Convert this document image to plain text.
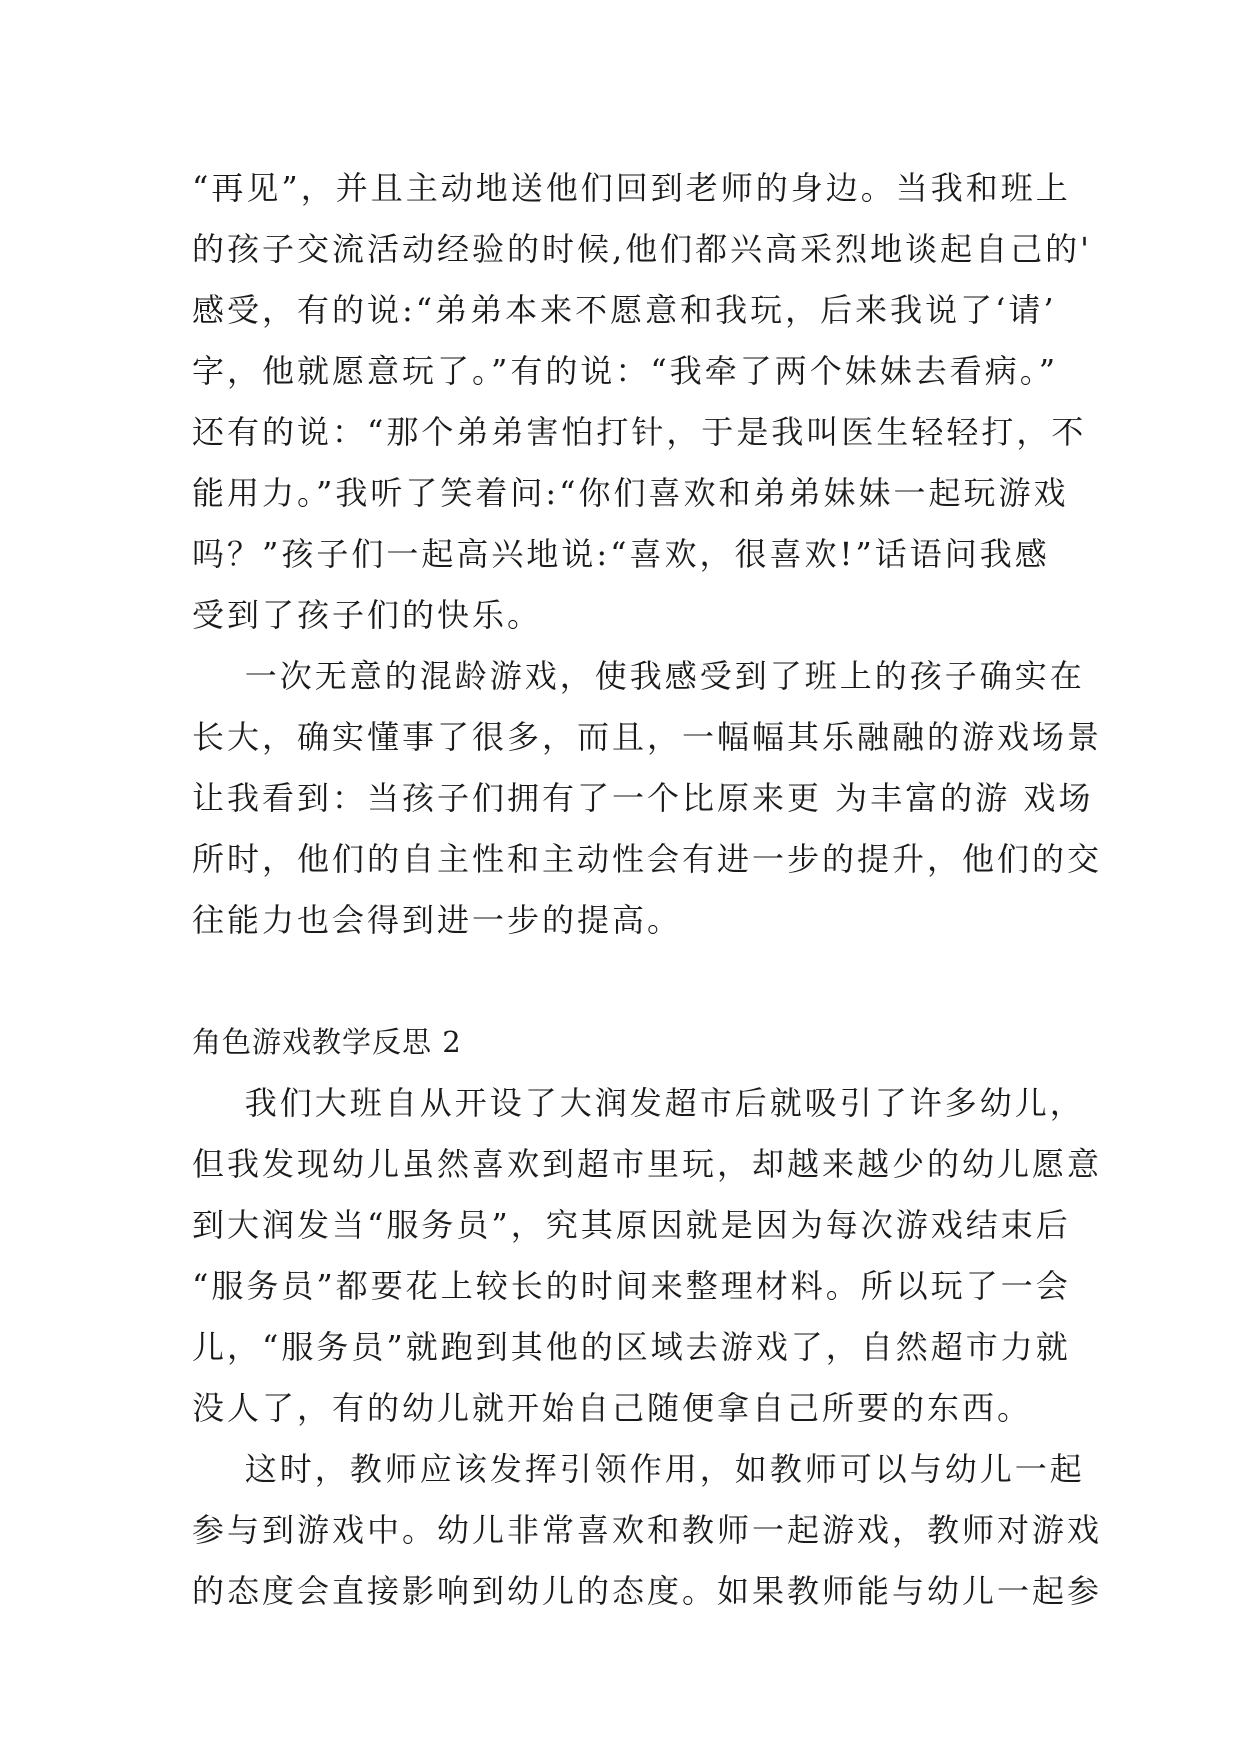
“再见”，并且主动地送他们回到老师的身边。当我和班上
的孩子交流活动经验的时候,他们都兴高采烈地谈起自己的'
感受，有的说:“弟弟本来不愿意和我玩，后来我说了‘请’
字，他就愿意玩了。”有的说：“我牵了两个妹妹去看病。”
还有的说：“那个弟弟害怕打针，于是我叫医生轻轻打，不
能用力。”我听了笑着问:“你们喜欢和弟弟妹妹一起玩游戏
吗？”孩子们一起高兴地说:“喜欢，很喜欢!”话语问我感
受到了孩子们的快乐。
一次无意的混龄游戏，使我感受到了班上的孩子确实在
长大，确实懂事了很多，而且，一幅幅其乐融融的游戏场景
让我看到：当孩子们拥有了一个比原来更 为丰富的游 戏场
所时，他们的自主性和主动性会有进一步的提升，他们的交
往能力也会得到进一步的提高。
角色游戏教学反思 2
我们大班自从开设了大润发超市后就吸引了许多幼儿，
但我发现幼儿虽然喜欢到超市里玩，却越来越少的幼儿愿意
到大润发当“服务员”，究其原因就是因为每次游戏结束后
“服务员”都要花上较长的时间来整理材料。所以玩了一会
儿，“服务员”就跑到其他的区域去游戏了，自然超市力就
没人了，有的幼儿就开始自己随便拿自己所要的东西。
这时，教师应该发挥引领作用，如教师可以与幼儿一起
参与到游戏中。幼儿非常喜欢和教师一起游戏，教师对游戏
的态度会直接影响到幼儿的态度。如果教师能与幼儿一起参
